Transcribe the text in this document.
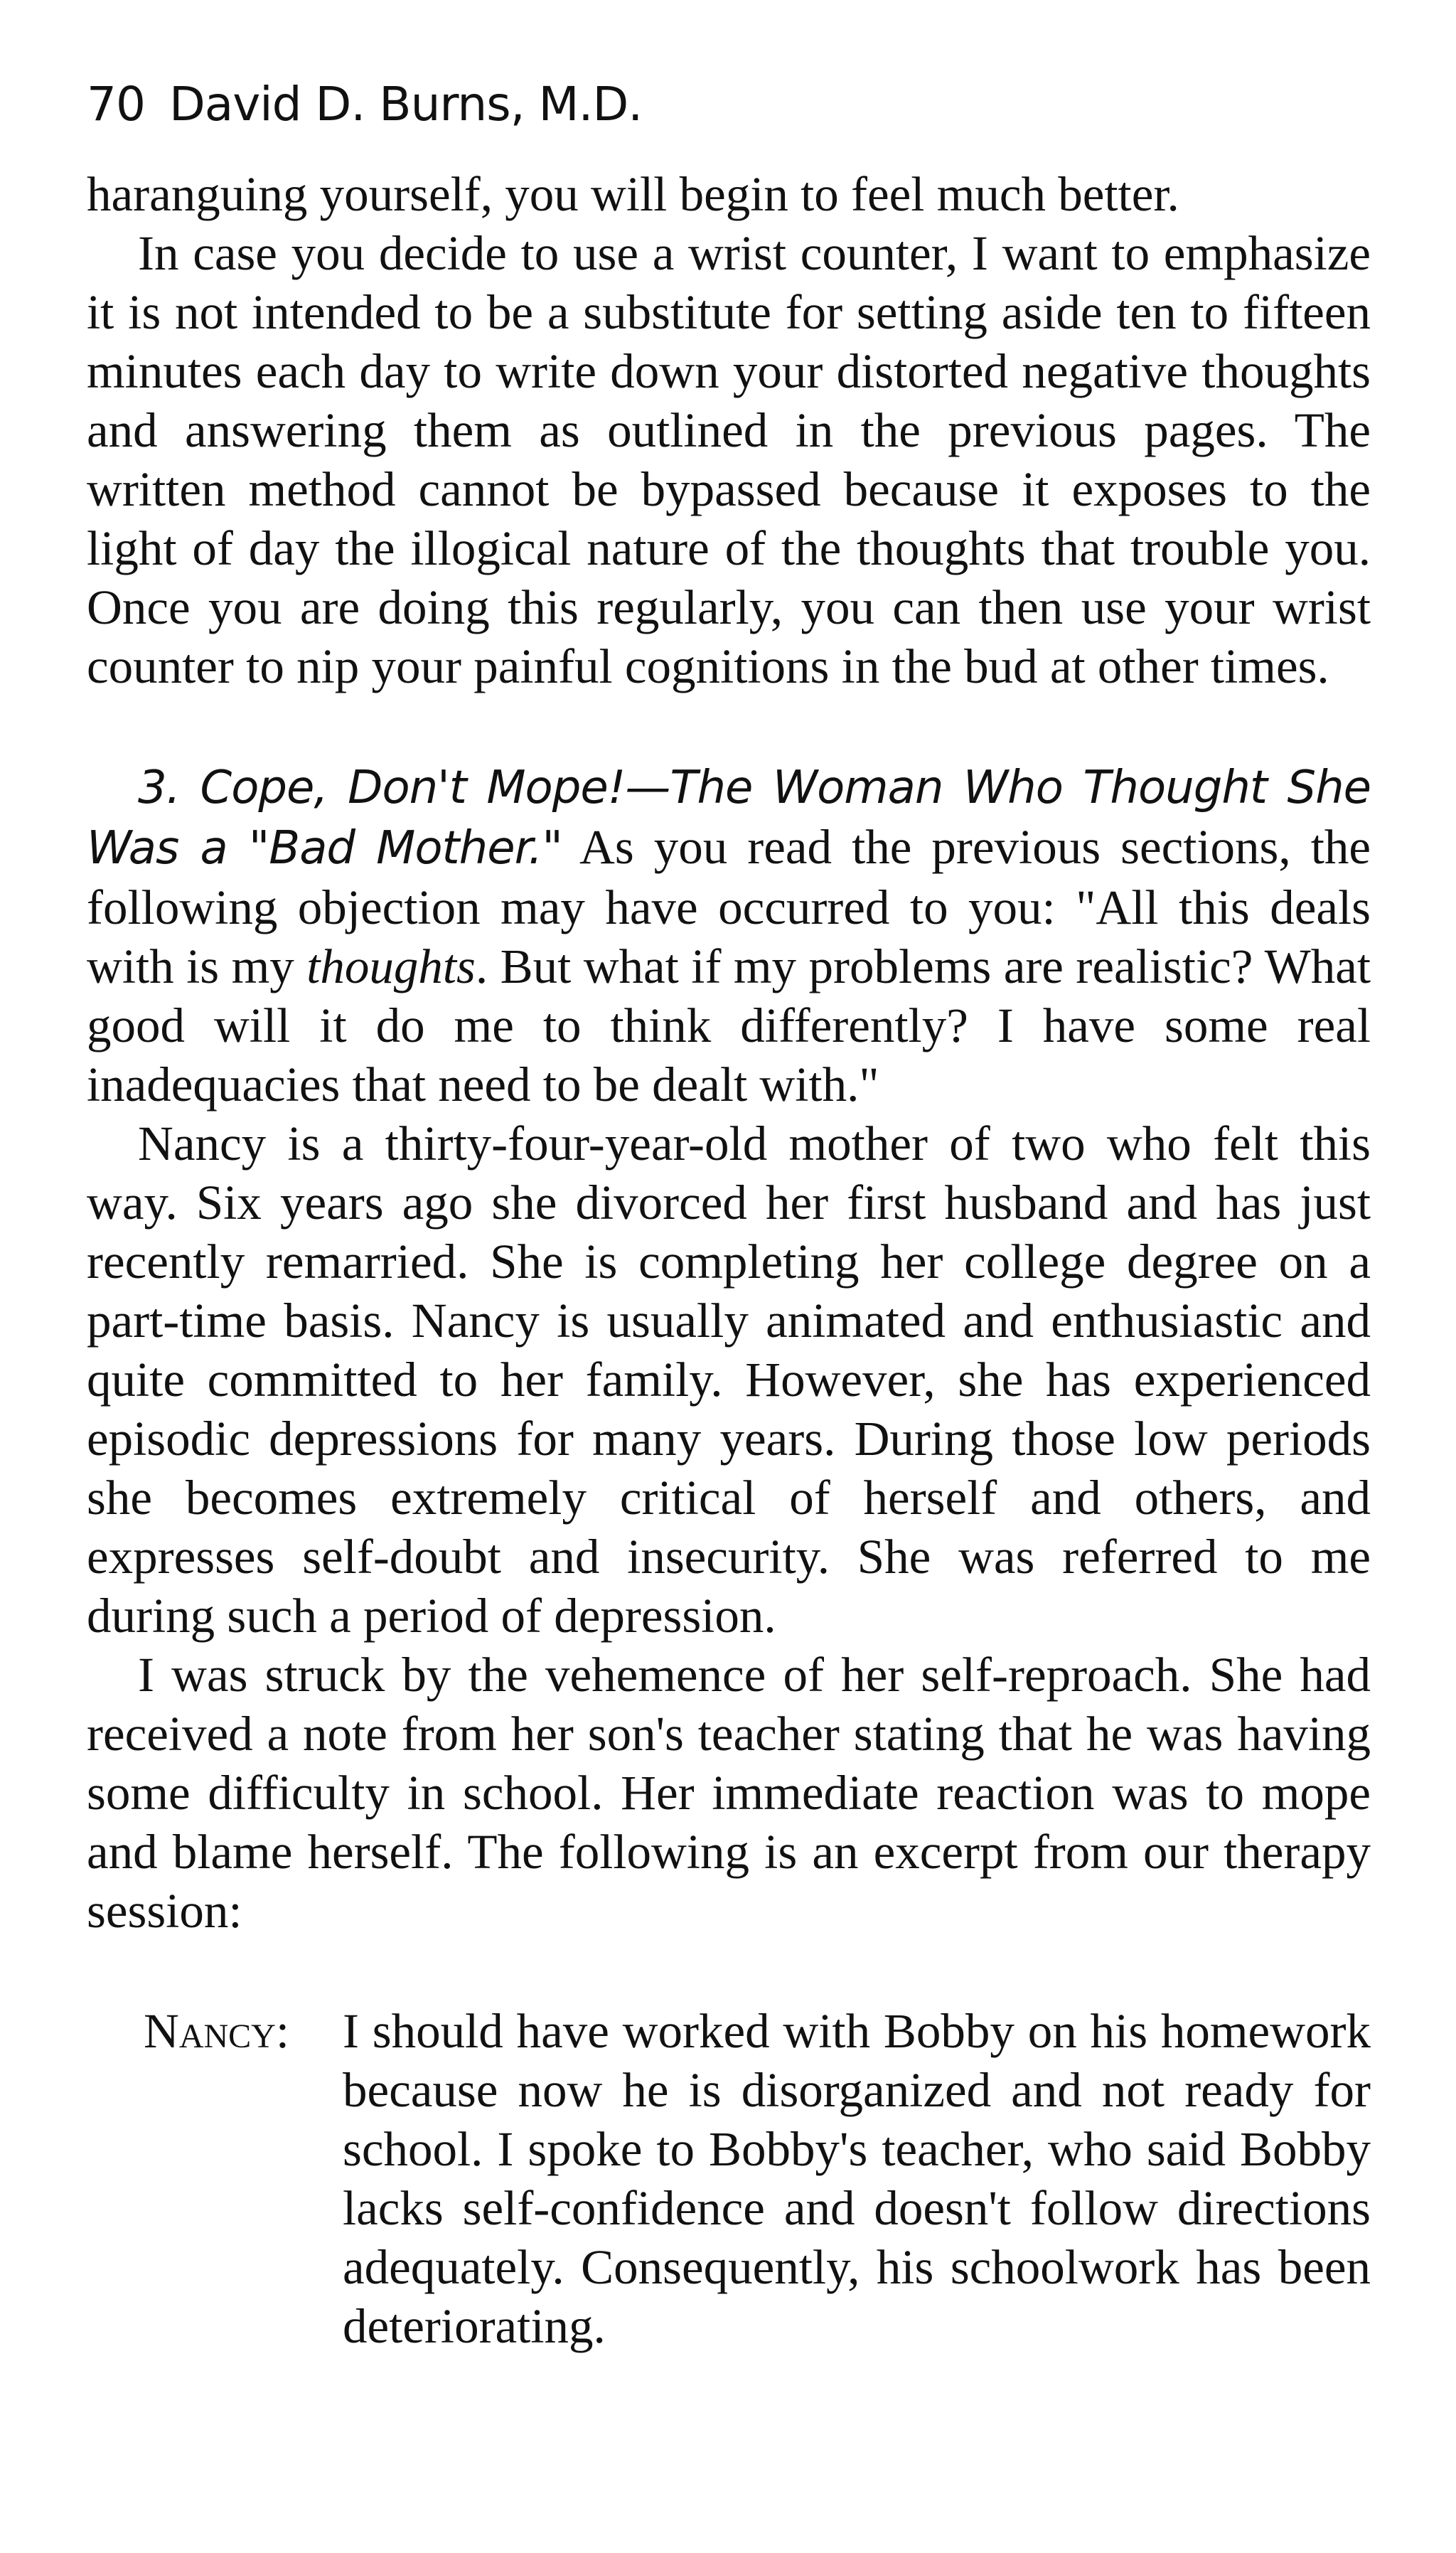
70 David D. Burns, M.D.

haranguing yourself, you will begin to feel much better.

In case you decide to use a wrist counter, I want to emphasize it is not intended to be a substitute for setting aside ten to fifteen minutes each day to write down your distorted negative thoughts and answering them as outlined in the previous pages. The written method cannot be bypassed because it exposes to the light of day the illogical nature of the thoughts that trouble you. Once you are doing this regularly, you can then use your wrist counter to nip your painful cognitions in the bud at other times.

3. Cope, Don't Mope!—The Woman Who Thought She Was a "Bad Mother." As you read the previous sections, the following objection may have occurred to you: "All this deals with is my thoughts. But what if my problems are realistic? What good will it do me to think differently? I have some real inadequacies that need to be dealt with."

Nancy is a thirty-four-year-old mother of two who felt this way. Six years ago she divorced her first husband and has just recently remarried. She is completing her college degree on a part-time basis. Nancy is usually animated and enthusiastic and quite committed to her family. However, she has experienced episodic depressions for many years. During those low periods she becomes extremely critical of herself and others, and expresses self-doubt and insecurity. She was referred to me during such a period of depression.

I was struck by the vehemence of her self-reproach. She had received a note from her son's teacher stating that he was having some difficulty in school. Her immediate reaction was to mope and blame herself. The following is an excerpt from our therapy session:

Nancy:	I should have worked with Bobby on his homework because now he is disorganized and not ready for school. I spoke to Bobby's teacher, who said Bobby lacks self-confidence and doesn't follow directions adequately. Consequently, his schoolwork has been deteriorating.
